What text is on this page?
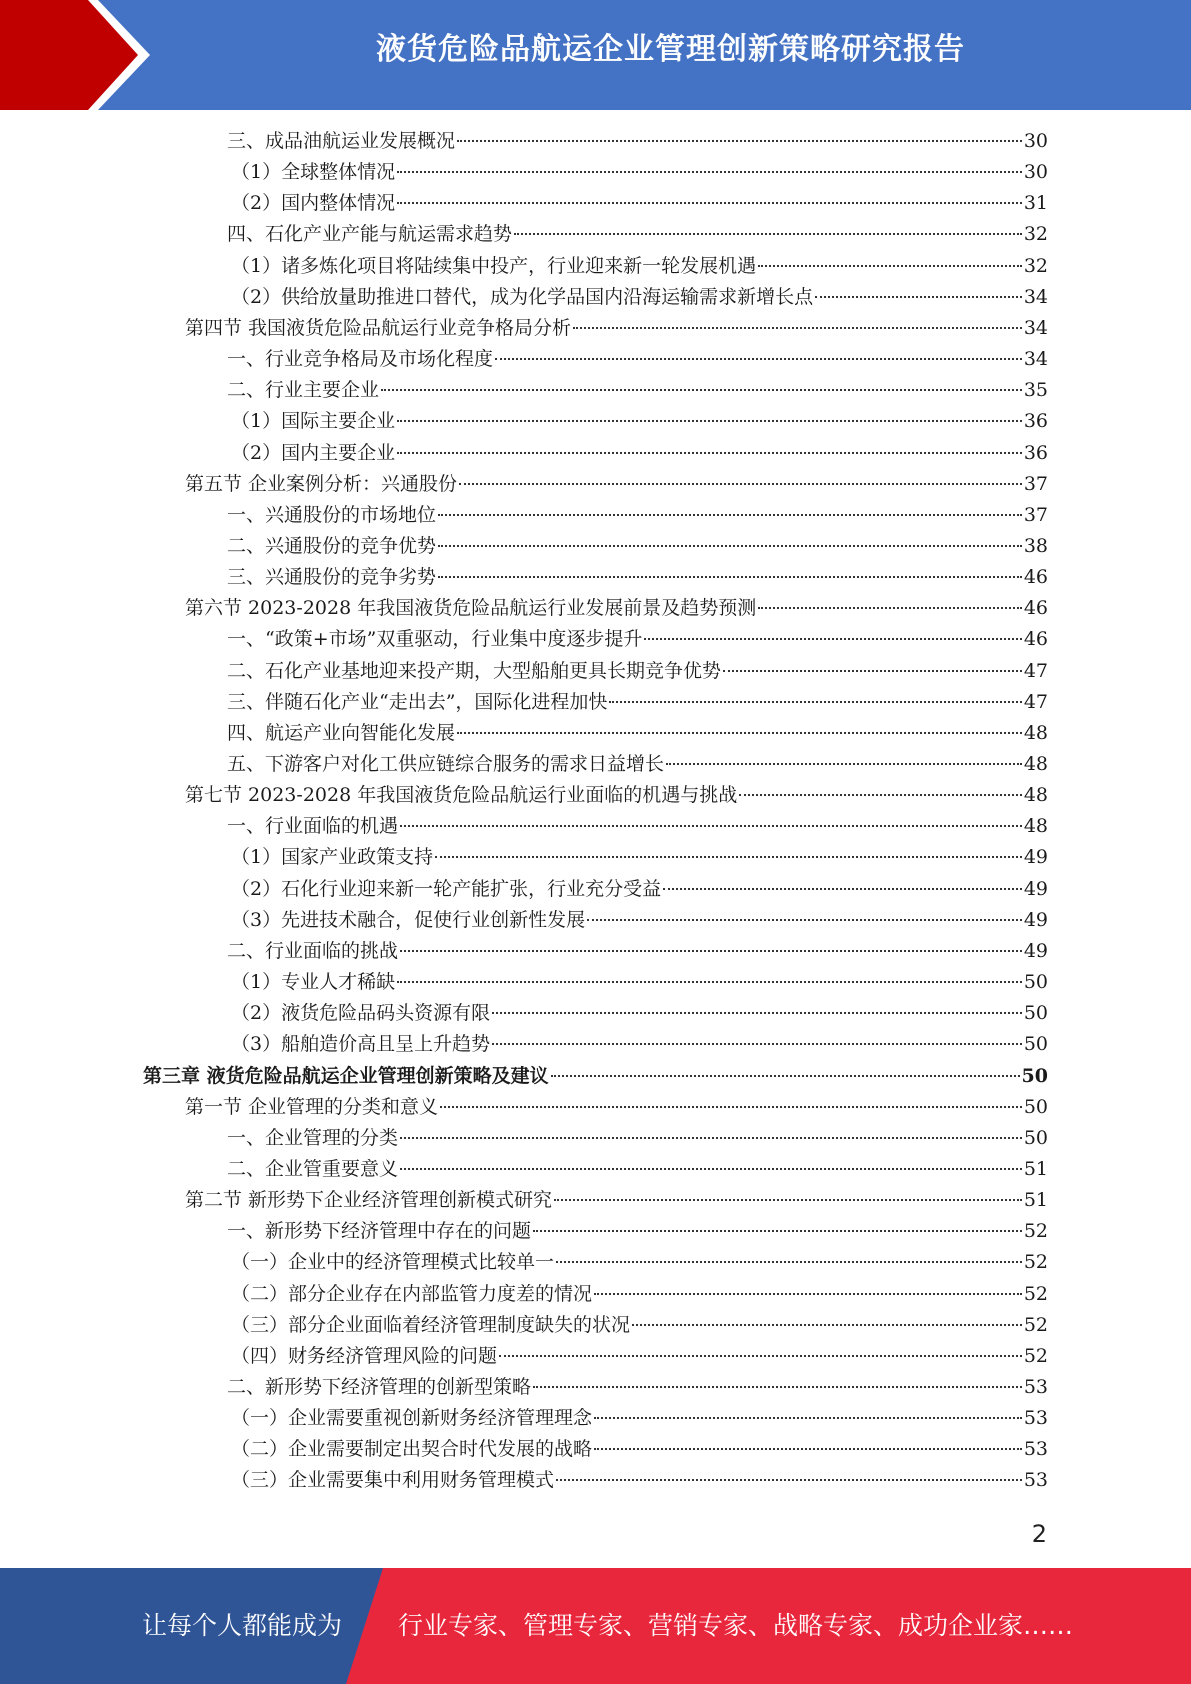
液货危险品航运企业管理创新策略研究报告
三、成品油航运业发展概况	30
（1）全球整体情况	30
（2）国内整体情况	31
四、石化产业产能与航运需求趋势	32
（1）诸多炼化项目将陆续集中投产，行业迎来新一轮发展机遇	32
（2）供给放量助推进口替代，成为化学品国内沿海运输需求新增长点	34
第四节 我国液货危险品航运行业竞争格局分析	34
一、行业竞争格局及市场化程度	34
二、行业主要企业	35
（1）国际主要企业	36
（2）国内主要企业	36
第五节 企业案例分析：兴通股份	37
一、兴通股份的市场地位	37
二、兴通股份的竞争优势	38
三、兴通股份的竞争劣势	46
第六节 2023-2028 年我国液货危险品航运行业发展前景及趋势预测	46
一、“政策+市场”双重驱动，行业集中度逐步提升	46
二、石化产业基地迎来投产期，大型船舶更具长期竞争优势	47
三、伴随石化产业“走出去”，国际化进程加快	47
四、航运产业向智能化发展	48
五、下游客户对化工供应链综合服务的需求日益增长	48
第七节 2023-2028 年我国液货危险品航运行业面临的机遇与挑战	48
一、行业面临的机遇	48
（1）国家产业政策支持	49
（2）石化行业迎来新一轮产能扩张，行业充分受益	49
（3）先进技术融合，促使行业创新性发展	49
二、行业面临的挑战	49
（1）专业人才稀缺	50
（2）液货危险品码头资源有限	50
（3）船舶造价高且呈上升趋势	50
第三章 液货危险品航运企业管理创新策略及建议	50
第一节 企业管理的分类和意义	50
一、企业管理的分类	50
二、企业管重要意义	51
第二节 新形势下企业经济管理创新模式研究	51
一、新形势下经济管理中存在的问题	52
（一）企业中的经济管理模式比较单一	52
（二）部分企业存在内部监管力度差的情况	52
（三）部分企业面临着经济管理制度缺失的状况	52
（四）财务经济管理风险的问题	52
二、新形势下经济管理的创新型策略	53
（一）企业需要重视创新财务经济管理理念	53
（二）企业需要制定出契合时代发展的战略	53
（三）企业需要集中利用财务管理模式	53
2
让每个人都能成为 行业专家、管理专家、营销专家、战略专家、成功企业家……
